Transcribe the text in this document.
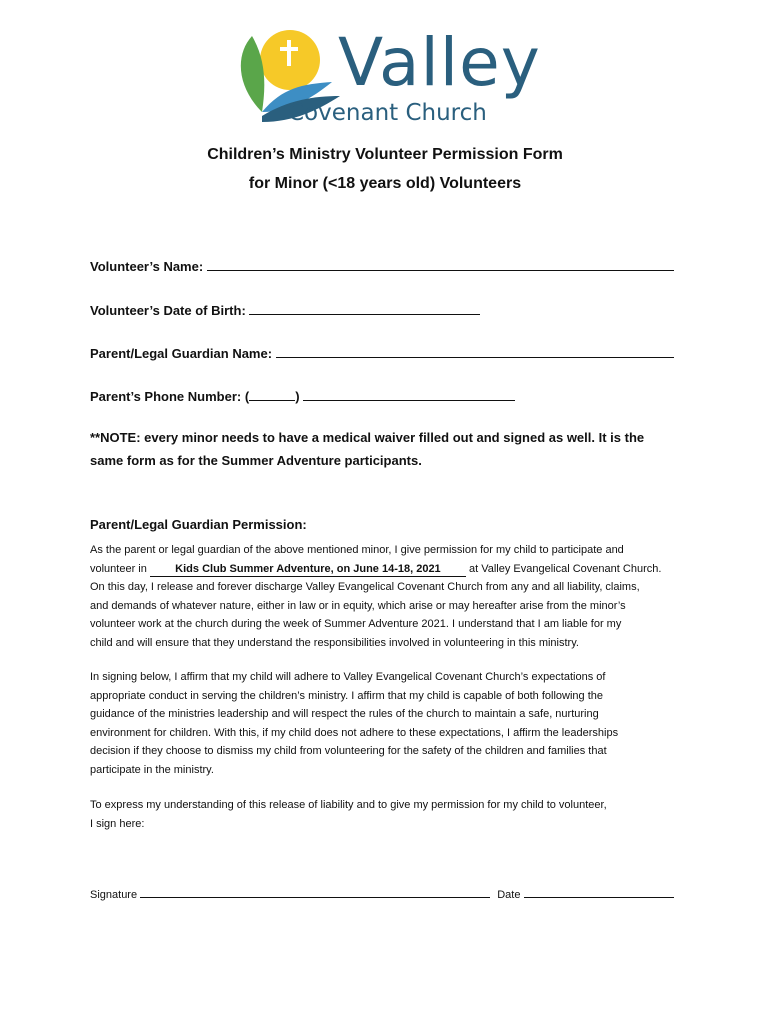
Valley
Covenant Church
Children’s Ministry Volunteer Permission Form
for Minor (<18 years old) Volunteers
Volunteer’s Name:
Volunteer’s Date of Birth:
Parent/Legal Guardian Name:
Parent’s Phone Number: (	)
**NOTE: every minor needs to have a medical waiver filled out and signed as well. It is the
same form as for the Summer Adventure participants.
Parent/Legal Guardian Permission:
As the parent or legal guardian of the above mentioned minor, I give permission for my child to participate and
volunteer in	Kids Club Summer Adventure, on June 14-18, 2021	at Valley Evangelical Covenant Church.
On this day, I release and forever discharge Valley Evangelical Covenant Church from any and all liability, claims,
and demands of whatever nature, either in law or in equity, which arise or may hereafter arise from the minor’s
volunteer work at the church during the week of Summer Adventure 2021. I understand that I am liable for my
child and will ensure that they understand the responsibilities involved in volunteering in this ministry.
In signing below, I affirm that my child will adhere to Valley Evangelical Covenant Church’s expectations of
appropriate conduct in serving the children’s ministry. I affirm that my child is capable of both following the
guidance of the ministries leadership and will respect the rules of the church to maintain a safe, nurturing
environment for children. With this, if my child does not adhere to these expectations, I affirm the leaderships
decision if they choose to dismiss my child from volunteering for the safety of the children and families that
participate in the ministry.
To express my understanding of this release of liability and to give my permission for my child to volunteer,
I sign here:
Signature	Date
